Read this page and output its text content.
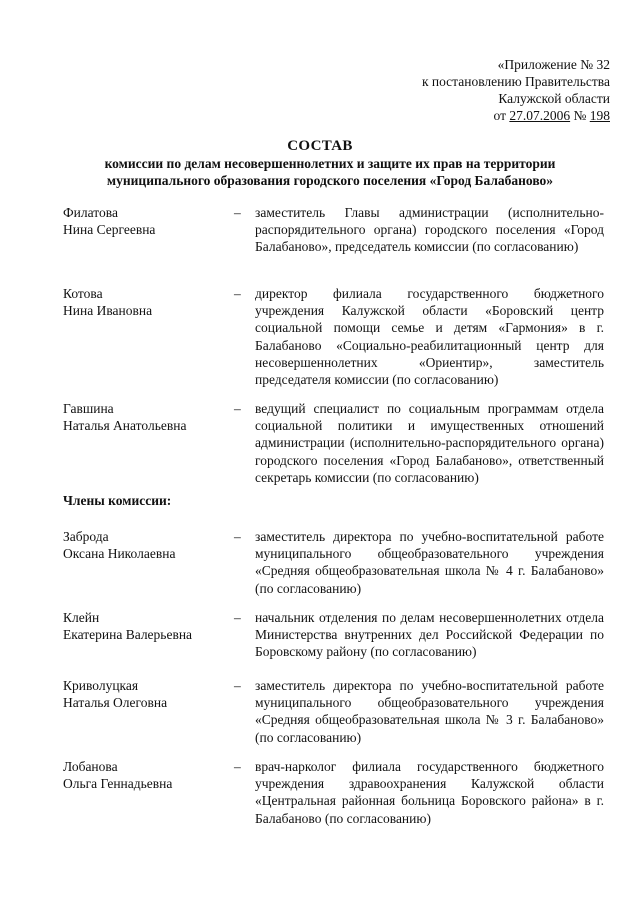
«Приложение № 32
к постановлению Правительства
Калужской области
от 27.07.2006 № 198
СОСТАВ
комиссии по делам несовершеннолетних и защите их прав на территории муниципального образования городского поселения «Город Балабаново»
Филатова
Нина Сергеевна
– заместитель Главы администрации (исполнительно-распорядительного органа) городского поселения «Город Балабаново», председатель комиссии (по согласованию)
Котова
Нина Ивановна
– директор филиала государственного бюджетного учреждения Калужской области «Боровский центр социальной помощи семье и детям «Гармония» в г. Балабаново «Социально-реабилитационный центр для несовершеннолетних «Ориентир», заместитель председателя комиссии (по согласованию)
Гавшина
Наталья Анатольевна
– ведущий специалист по социальным программам отдела социальной политики и имущественных отношений администрации (исполнительно-распорядительного органа) городского поселения «Город Балабаново», ответственный секретарь комиссии (по согласованию)
Члены комиссии:
Заброда
Оксана Николаевна
– заместитель директора по учебно-воспитательной работе муниципального общеобразовательного учреждения «Средняя общеобразовательная школа № 4 г. Балабаново» (по согласованию)
Клейн
Екатерина Валерьевна
– начальник отделения по делам несовершеннолетних отдела Министерства внутренних дел Российской Федерации по Боровскому району (по согласованию)
Криволуцкая
Наталья Олеговна
– заместитель директора по учебно-воспитательной работе муниципального общеобразовательного учреждения «Средняя общеобразовательная школа № 3 г. Балабаново» (по согласованию)
Лобанова
Ольга Геннадьевна
– врач-нарколог филиала государственного бюджетного учреждения здравоохранения Калужской области «Центральная районная больница Боровского района» в г. Балабаново (по согласованию)
